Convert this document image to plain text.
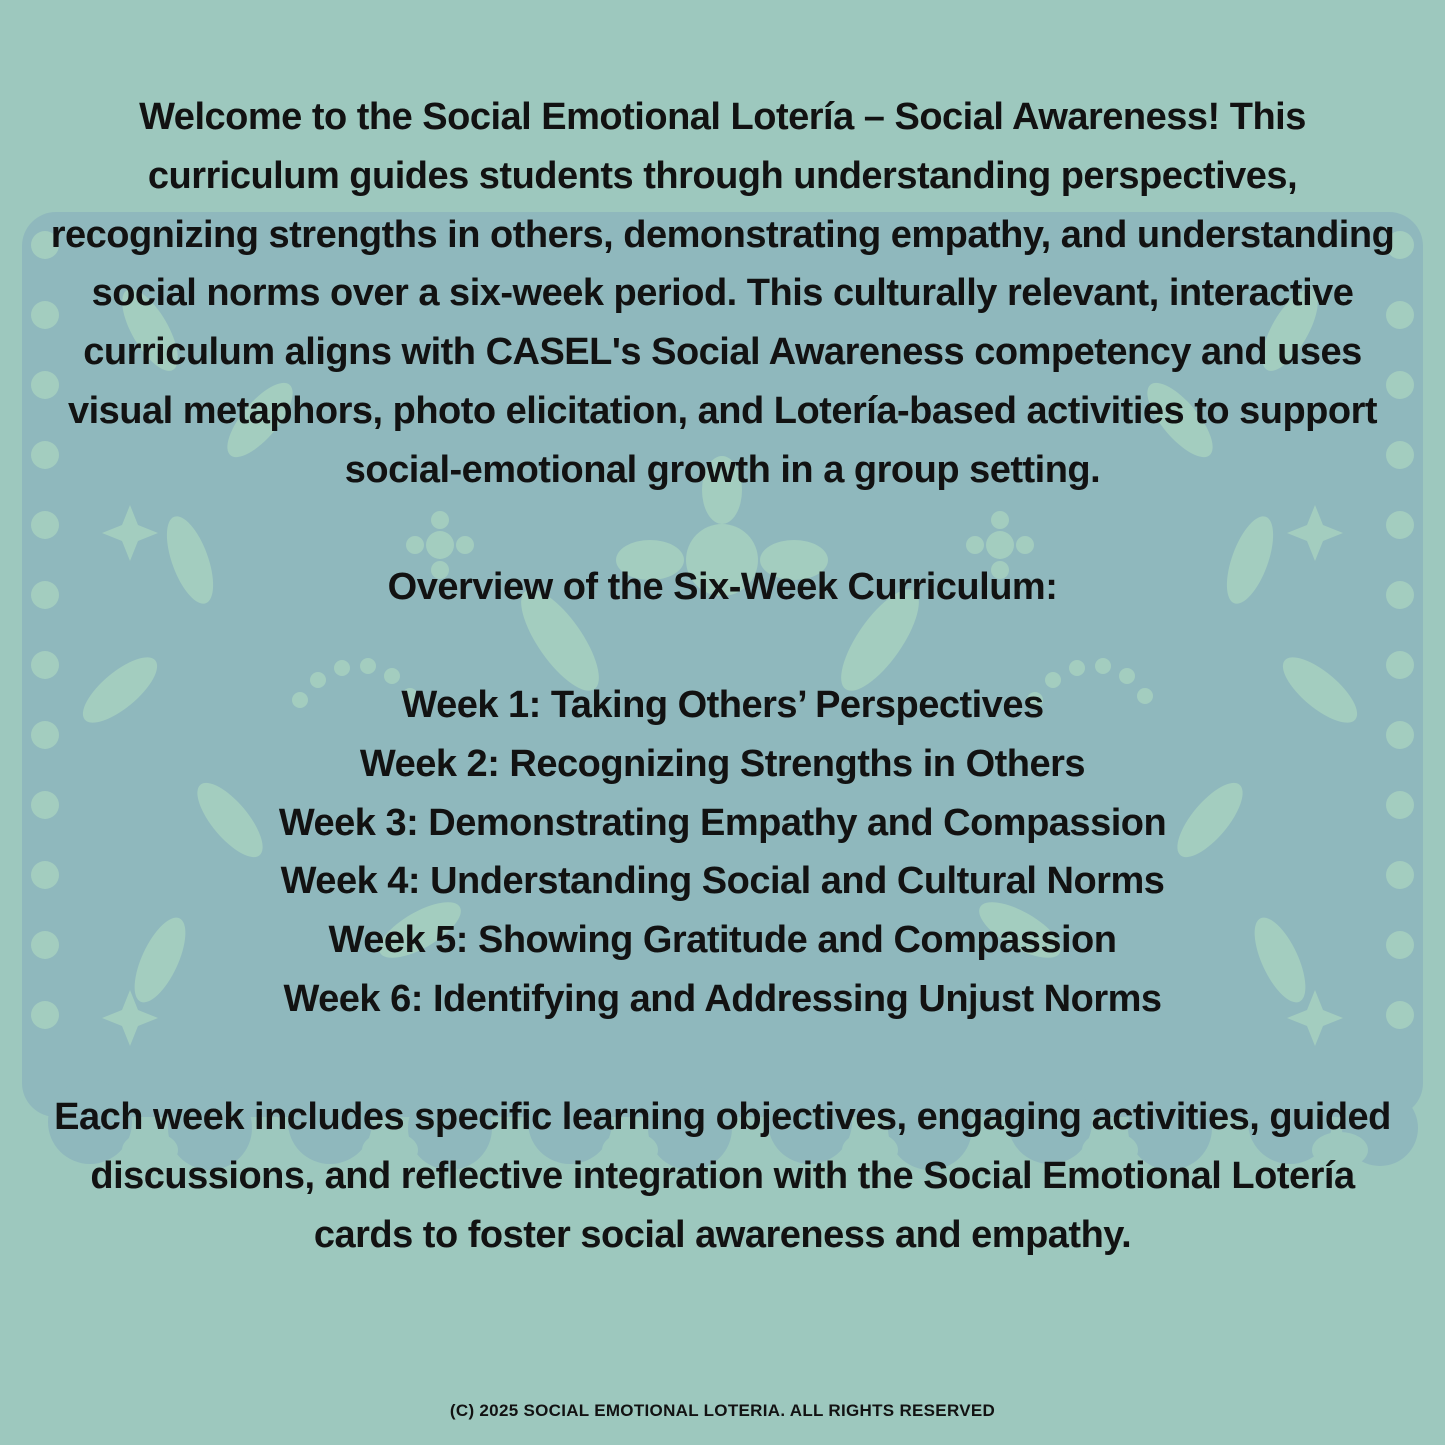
Welcome to the Social Emotional Lotería – Social Awareness! This curriculum guides students through understanding perspectives, recognizing strengths in others, demonstrating empathy, and understanding social norms over a six-week period. This culturally relevant, interactive curriculum aligns with CASEL's Social Awareness competency and uses visual metaphors, photo elicitation, and Lotería-based activities to support social-emotional growth in a group setting.

Overview of the Six-Week Curriculum:

Week 1: Taking Others’ Perspectives
Week 2: Recognizing Strengths in Others
Week 3: Demonstrating Empathy and Compassion
Week 4: Understanding Social and Cultural Norms
Week 5: Showing Gratitude and Compassion
Week 6: Identifying and Addressing Unjust Norms

Each week includes specific learning objectives, engaging activities, guided discussions, and reflective integration with the Social Emotional Lotería cards to foster social awareness and empathy.

(C) 2025 SOCIAL EMOTIONAL LOTERIA. ALL RIGHTS RESERVED
